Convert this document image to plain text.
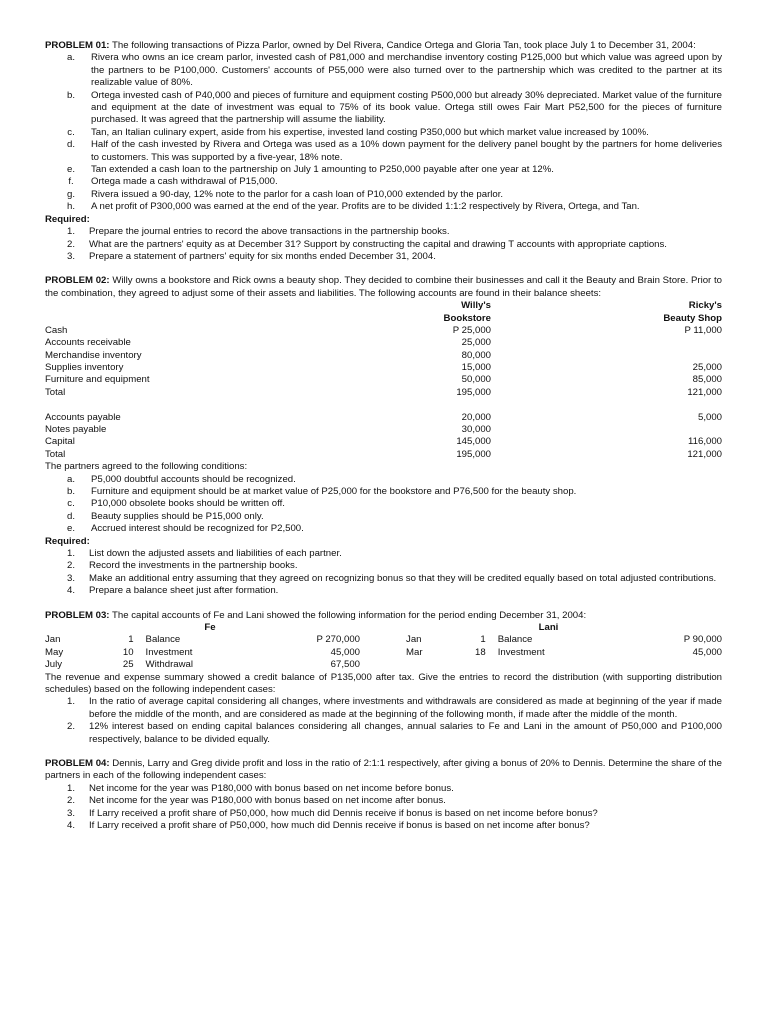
PROBLEM 01: The following transactions of Pizza Parlor, owned by Del Rivera, Candice Ortega and Gloria Tan, took place July 1 to December 31, 2004:
a.	Rivera who owns an ice cream parlor, invested cash of P81,000 and merchandise inventory costing P125,000 but which value was agreed upon by the partners to be P100,000. Customers' accounts of P55,000 were also turned over to the partnership which was credited to the partner at its realizable value of 80%.
b.	Ortega invested cash of P40,000 and pieces of furniture and equipment costing P500,000 but already 30% depreciated. Market value of the furniture and equipment at the date of investment was equal to 75% of its book value. Ortega still owes Fair Mart P52,500 for the pieces of furniture purchased. It was agreed that the partnership will assume the liability.
c.	Tan, an Italian culinary expert, aside from his expertise, invested land costing P350,000 but which market value increased by 100%.
d.	Half of the cash invested by Rivera and Ortega was used as a 10% down payment for the delivery panel bought by the partners for home deliveries to customers. This was supported by a five-year, 18% note.
e.	Tan extended a cash loan to the partnership on July 1 amounting to P250,000 payable after one year at 12%.
f.	Ortega made a cash withdrawal of P15,000.
g.	Rivera issued a 90-day, 12% note to the parlor for a cash loan of P10,000 extended by the parlor.
h.	A net profit of P300,000 was earned at the end of the year. Profits are to be divided 1:1:2 respectively by Rivera, Ortega, and Tan.
Required:
1. Prepare the journal entries to record the above transactions in the partnership books.
2. What are the partners' equity as at December 31? Support by constructing the capital and drawing T accounts with appropriate captions.
3. Prepare a statement of partners' equity for six months ended December 31, 2004.
PROBLEM 02: Willy owns a bookstore and Rick owns a beauty shop. They decided to combine their businesses and call it the Beauty and Brain Store. Prior to the combination, they agreed to adjust some of their assets and liabilities. The following accounts are found in their balance sheets:
Willy's	Ricky's
Bookstore	Beauty Shop
Cash	P 25,000	P 11,000
Accounts receivable	25,000
Merchandise inventory	80,000
Supplies inventory	15,000	25,000
Furniture and equipment	50,000	85,000
Total	195,000	121,000
Accounts payable	20,000	5,000
Notes payable	30,000
Capital	145,000	116,000
Total	195,000	121,000
The partners agreed to the following conditions:
a.	P5,000 doubtful accounts should be recognized.
b.	Furniture and equipment should be at market value of P25,000 for the bookstore and P76,500 for the beauty shop.
c.	P10,000 obsolete books should be written off.
d.	Beauty supplies should be P15,000 only.
e.	Accrued interest should be recognized for P2,500.
Required:
1. List down the adjusted assets and liabilities of each partner.
2. Record the investments in the partnership books.
3. Make an additional entry assuming that they agreed on recognizing bonus so that they will be credited equally based on total adjusted contributions.
4. Prepare a balance sheet just after formation.
PROBLEM 03: The capital accounts of Fe and Lani showed the following information for the period ending December 31, 2004:
Fe	Lani
Jan	1	Balance	P 270,000	Jan	1	Balance	P 90,000
May	10	Investment	45,000	Mar	18	Investment	45,000
July	25	Withdrawal	67,500
The revenue and expense summary showed a credit balance of P135,000 after tax. Give the entries to record the distribution (with supporting distribution schedules) based on the following independent cases:
1. In the ratio of average capital considering all changes, where investments and withdrawals are considered as made at beginning of the year if made before the middle of the month, and are considered as made at the beginning of the following month, if made after the middle of the month.
2. 12% interest based on ending capital balances considering all changes, annual salaries to Fe and Lani in the amount of P50,000 and P100,000 respectively, balance to be divided equally.
PROBLEM 04: Dennis, Larry and Greg divide profit and loss in the ratio of 2:1:1 respectively, after giving a bonus of 20% to Dennis. Determine the share of the partners in each of the following independent cases:
1. Net income for the year was P180,000 with bonus based on net income before bonus.
2. Net income for the year was P180,000 with bonus based on net income after bonus.
3. If Larry received a profit share of P50,000, how much did Dennis receive if bonus is based on net income before bonus?
4. If Larry received a profit share of P50,000, how much did Dennis receive if bonus is based on net income after bonus?
